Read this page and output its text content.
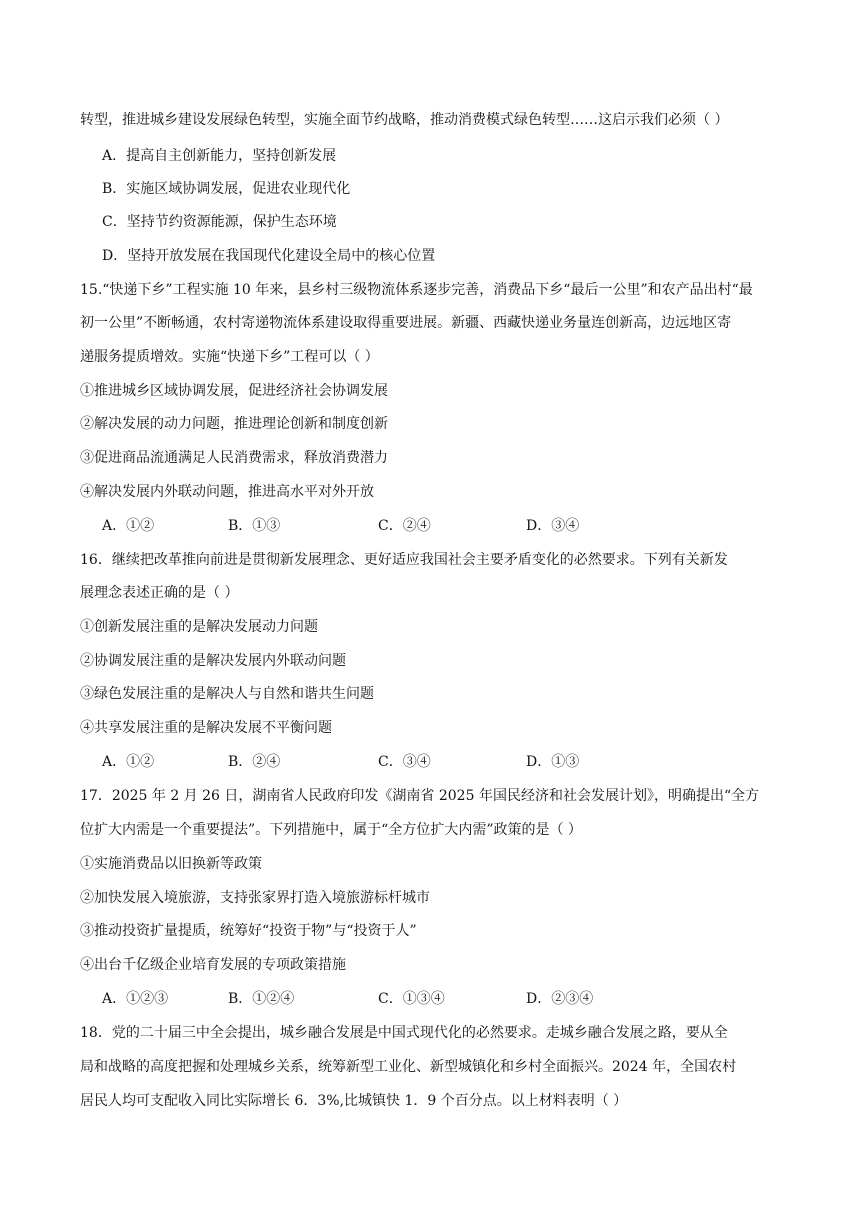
转型，推进城乡建设发展绿色转型，实施全面节约战略，推动消费模式绿色转型……这启示我们必须（ ）
A．提高自主创新能力，坚持创新发展
B．实施区域协调发展，促进农业现代化
C．坚持节约资源能源，保护生态环境
D．坚持开放发展在我国现代化建设全局中的核心位置
15.“快递下乡”工程实施 10 年来，县乡村三级物流体系逐步完善，消费品下乡“最后一公里”和农产品出村“最
初一公里”不断畅通，农村寄递物流体系建设取得重要进展。新疆、西藏快递业务量连创新高，边远地区寄
递服务提质增效。实施“快递下乡”工程可以（ ）
①推进城乡区域协调发展，促进经济社会协调发展
②解决发展的动力问题，推进理论创新和制度创新
③促进商品流通满足人民消费需求，释放消费潜力
④解决发展内外联动问题，推进高水平对外开放
A．①②	B．①③	C．②④	D．③④
16．继续把改革推向前进是贯彻新发展理念、更好适应我国社会主要矛盾变化的必然要求。下列有关新发
展理念表述正确的是（ ）
①创新发展注重的是解决发展动力问题
②协调发展注重的是解决发展内外联动问题
③绿色发展注重的是解决人与自然和谐共生问题
④共享发展注重的是解决发展不平衡问题
A．①②	B．②④	C．③④	D．①③
17．2025 年 2 月 26 日，湖南省人民政府印发《湖南省 2025 年国民经济和社会发展计划》，明确提出“全方
位扩大内需是一个重要提法”。下列措施中，属于“全方位扩大内需”政策的是（ ）
①实施消费品以旧换新等政策
②加快发展入境旅游，支持张家界打造入境旅游标杆城市
③推动投资扩量提质，统筹好“投资于物”与“投资于人”
④出台千亿级企业培育发展的专项政策措施
A．①②③	B．①②④	C．①③④	D．②③④
18．党的二十届三中全会提出，城乡融合发展是中国式现代化的必然要求。走城乡融合发展之路，要从全
局和战略的高度把握和处理城乡关系，统筹新型工业化、新型城镇化和乡村全面振兴。2024 年，全国农村
居民人均可支配收入同比实际增长 6．3%,比城镇快 1．9 个百分点。以上材料表明（ ）
